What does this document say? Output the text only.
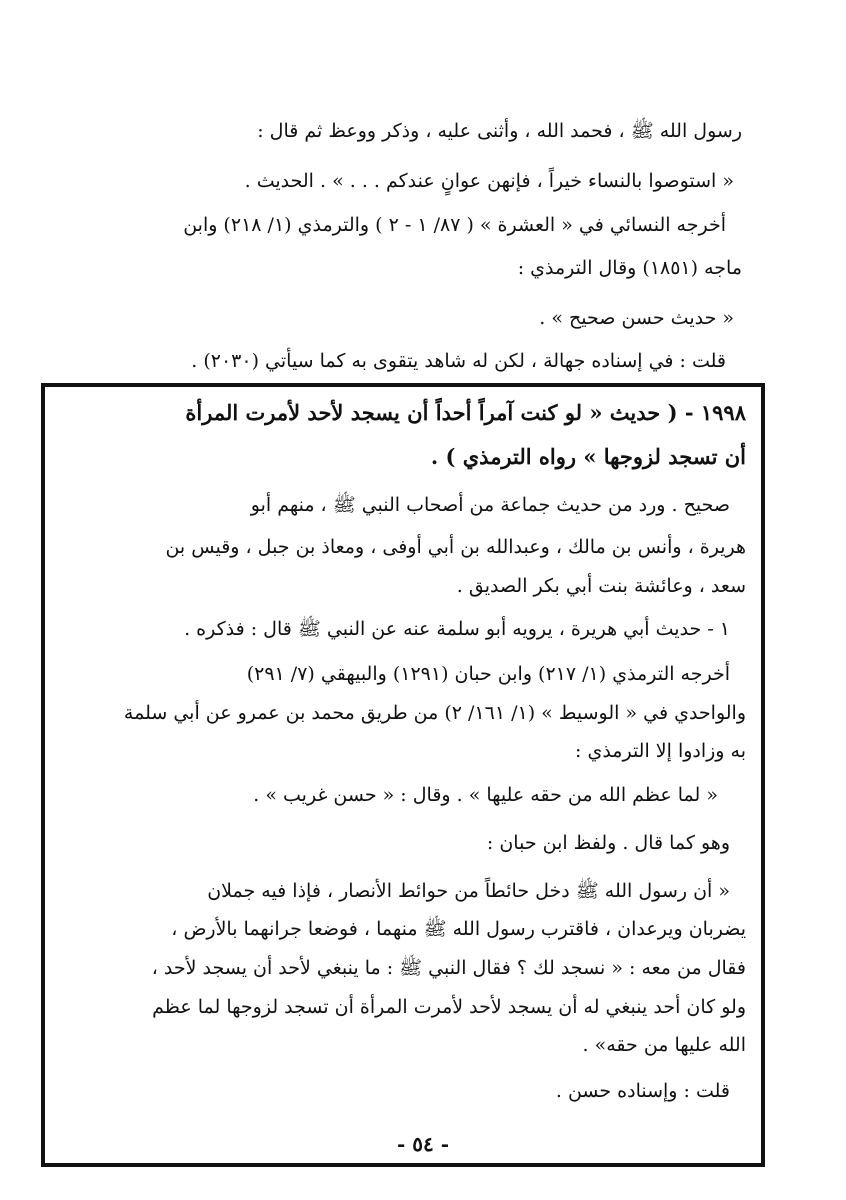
رسول الله ﷺ ، فحمد الله ، وأثنى عليه ، وذكر ووعظ ثم قال :
« استوصوا بالنساء خيراً ، فإنهن عوانٍ عندكم . . . » . الحديث .
أخرجه النسائي في « العشرة » ( ٨٧/ ١ - ٢ ) والترمذي (١/ ٢١٨) وابن
ماجه (١٨٥١) وقال الترمذي :
« حديث حسن صحيح » .
قلت : في إسناده جهالة ، لكن له شاهد يتقوى به كما سيأتي (٢٠٣٠) .
١٩٩٨ - ( حديث « لو كنت آمراً أحداً أن يسجد لأحد لأمرت المرأة
أن تسجد لزوجها » رواه الترمذي ) .
صحيح . ورد من حديث جماعة من أصحاب النبي ﷺ ، منهم أبو
هريرة ، وأنس بن مالك ، وعبدالله بن أبي أوفى ، ومعاذ بن جبل ، وقيس بن
سعد ، وعائشة بنت أبي بكر الصديق .
١ - حديث أبي هريرة ، يرويه أبو سلمة عنه عن النبي ﷺ قال : فذكره .
أخرجه الترمذي (١/ ٢١٧) وابن حبان (١٢٩١) والبيهقي (٧/ ٢٩١)
والواحدي في « الوسيط » (١/ ١٦١/ ٢) من طريق محمد بن عمرو عن أبي سلمة
به وزادوا إلا الترمذي :
« لما عظم الله من حقه عليها » . وقال : « حسن غريب » .
وهو كما قال . ولفظ ابن حبان :
« أن رسول الله ﷺ دخل حائطاً من حوائط الأنصار ، فإذا فيه جملان
يضربان ويرعدان ، فاقترب رسول الله ﷺ منهما ، فوضعا جرانهما بالأرض ،
فقال من معه : « نسجد لك ؟ فقال النبي ﷺ : ما ينبغي لأحد أن يسجد لأحد ،
ولو كان أحد ينبغي له أن يسجد لأحد لأمرت المرأة أن تسجد لزوجها لما عظم
الله عليها من حقه» .
قلت : وإسناده حسن .
- ٥٤ -
